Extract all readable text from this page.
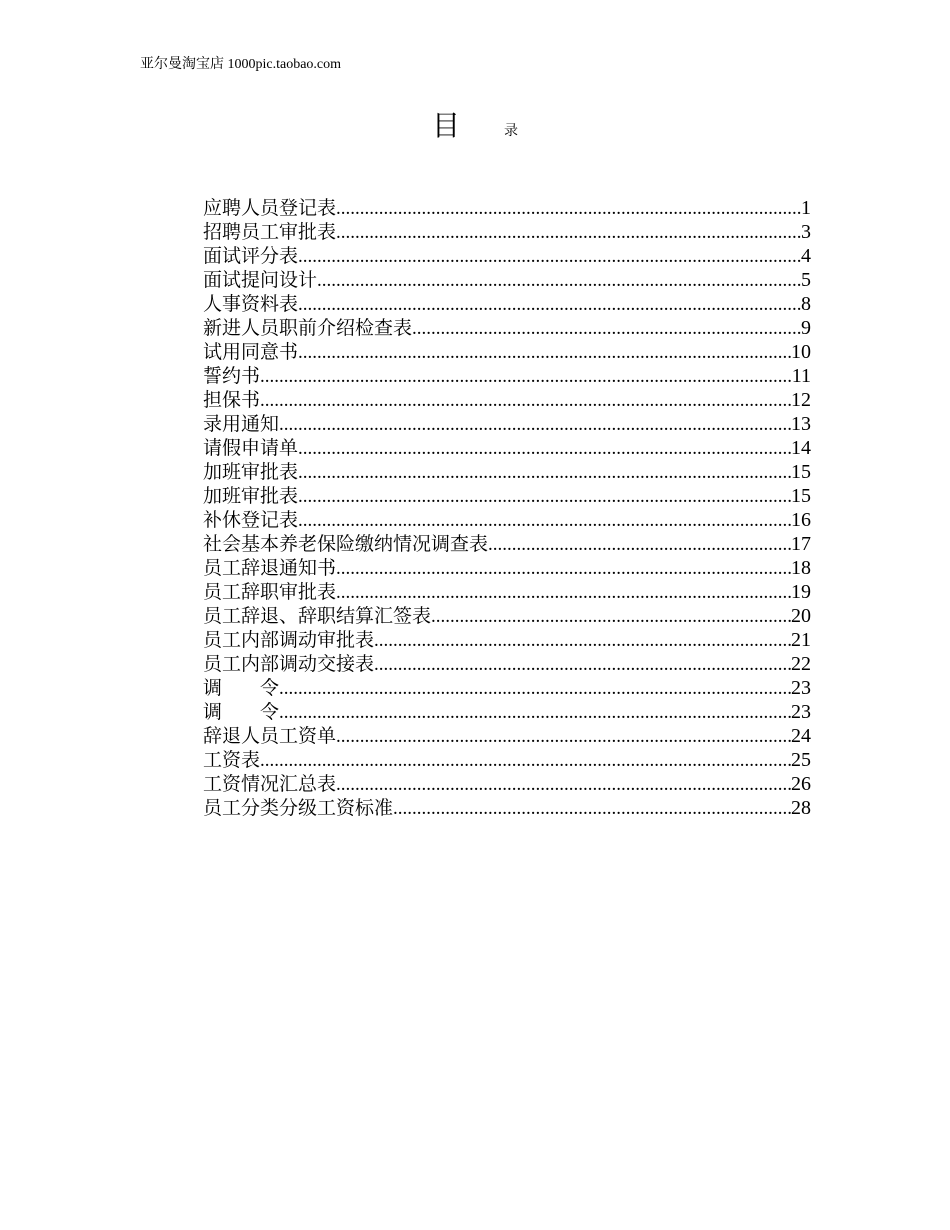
亚尔曼淘宝店 1000pic.taobao.com
目	录
应聘人员登记表 .....	1
招聘员工审批表 .....	3
面试评分表 .....	4
面试提问设计 .....	5
人事资料表 .....	8
新进人员职前介绍检查表 .....	9
试用同意书 .....	10
誓约书 .....	11
担保书 .....	12
录用通知 .....	13
请假申请单 .....	14
加班审批表 .....	15
加班审批表 .....	15
补休登记表 .....	16
社会基本养老保险缴纳情况调查表 .....	17
员工辞退通知书 .....	18
员工辞职审批表 .....	19
员工辞退、辞职结算汇签表 .....	20
员工内部调动审批表 .....	21
员工内部调动交接表 .....	22
调　　令 .....	23
调　　令 .....	23
辞退人员工资单 .....	24
工资表 .....	25
工资情况汇总表 .....	26
员工分类分级工资标准 .....	28
